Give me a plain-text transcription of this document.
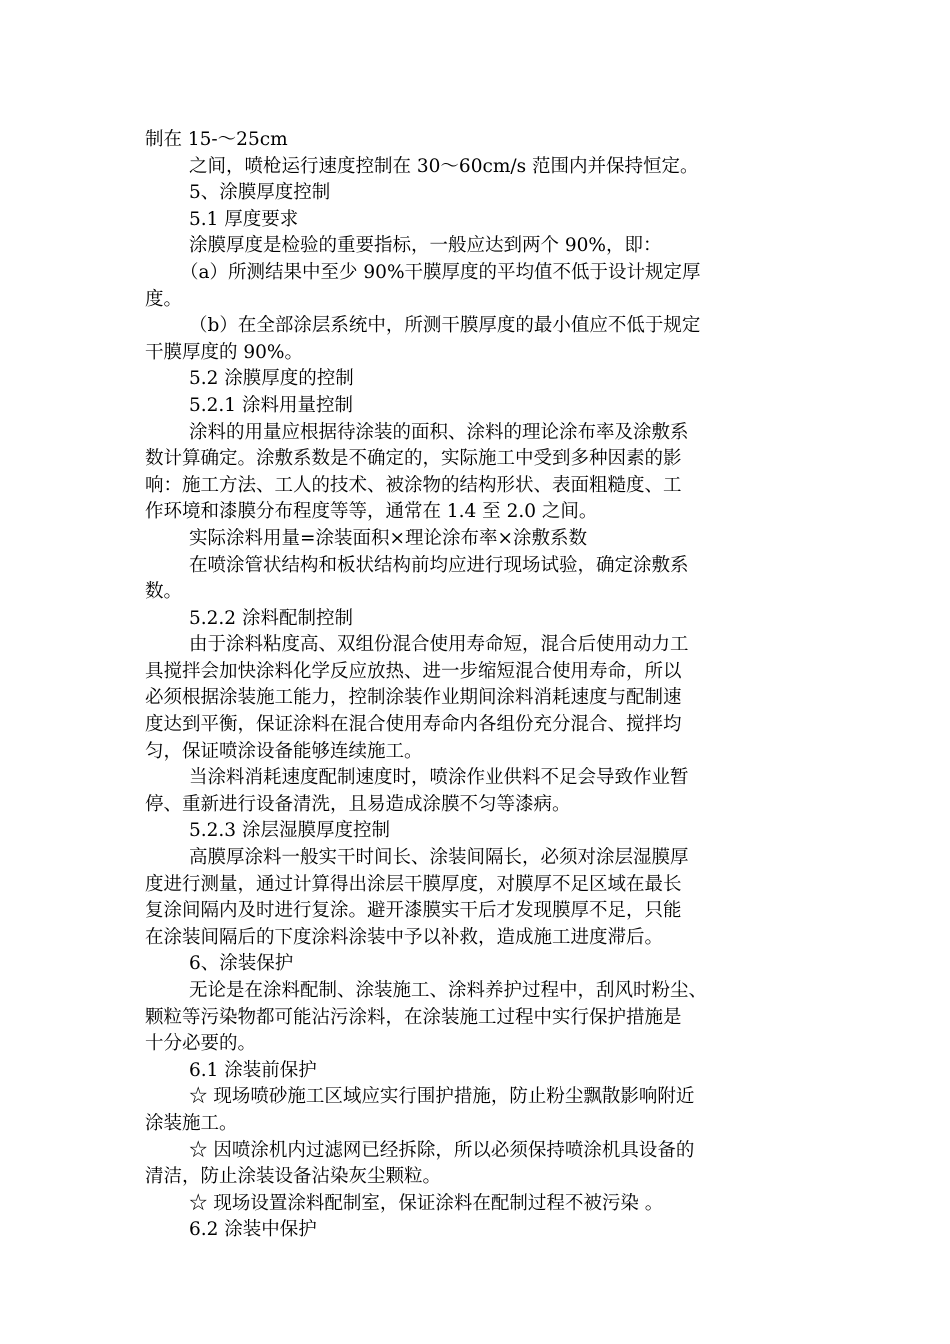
制在 15-～25cm
之间，喷枪运行速度控制在 30～60cm/s 范围内并保持恒定。
5、涂膜厚度控制
5.1 厚度要求
涂膜厚度是检验的重要指标，一般应达到两个 90%，即：
（a）所测结果中至少 90%干膜厚度的平均值不低于设计规定厚
度。
（b）在全部涂层系统中，所测干膜厚度的最小值应不低于规定
干膜厚度的 90%。
5.2 涂膜厚度的控制
5.2.1 涂料用量控制
涂料的用量应根据待涂装的面积、涂料的理论涂布率及涂敷系
数计算确定。涂敷系数是不确定的，实际施工中受到多种因素的影
响：施工方法、工人的技术、被涂物的结构形状、表面粗糙度、工
作环境和漆膜分布程度等等，通常在 1.4 至 2.0 之间。
实际涂料用量=涂装面积×理论涂布率×涂敷系数
在喷涂管状结构和板状结构前均应进行现场试验，确定涂敷系
数。
5.2.2 涂料配制控制
由于涂料粘度高、双组份混合使用寿命短，混合后使用动力工
具搅拌会加快涂料化学反应放热、进一步缩短混合使用寿命，所以
必须根据涂装施工能力，控制涂装作业期间涂料消耗速度与配制速
度达到平衡，保证涂料在混合使用寿命内各组份充分混合、搅拌均
匀，保证喷涂设备能够连续施工。
当涂料消耗速度配制速度时，喷涂作业供料不足会导致作业暂
停、重新进行设备清洗，且易造成涂膜不匀等漆病。
5.2.3 涂层湿膜厚度控制
高膜厚涂料一般实干时间长、涂装间隔长，必须对涂层湿膜厚
度进行测量，通过计算得出涂层干膜厚度，对膜厚不足区域在最长
复涂间隔内及时进行复涂。避开漆膜实干后才发现膜厚不足，只能
在涂装间隔后的下度涂料涂装中予以补救，造成施工进度滞后。
6、涂装保护
无论是在涂料配制、涂装施工、涂料养护过程中，刮风时粉尘、
颗粒等污染物都可能沾污涂料，在涂装施工过程中实行保护措施是
十分必要的。
6.1 涂装前保护
☆ 现场喷砂施工区域应实行围护措施，防止粉尘飘散影响附近
涂装施工。
☆ 因喷涂机内过滤网已经拆除，所以必须保持喷涂机具设备的
清洁，防止涂装设备沾染灰尘颗粒。
☆ 现场设置涂料配制室，保证涂料在配制过程不被污染 。
6.2 涂装中保护
